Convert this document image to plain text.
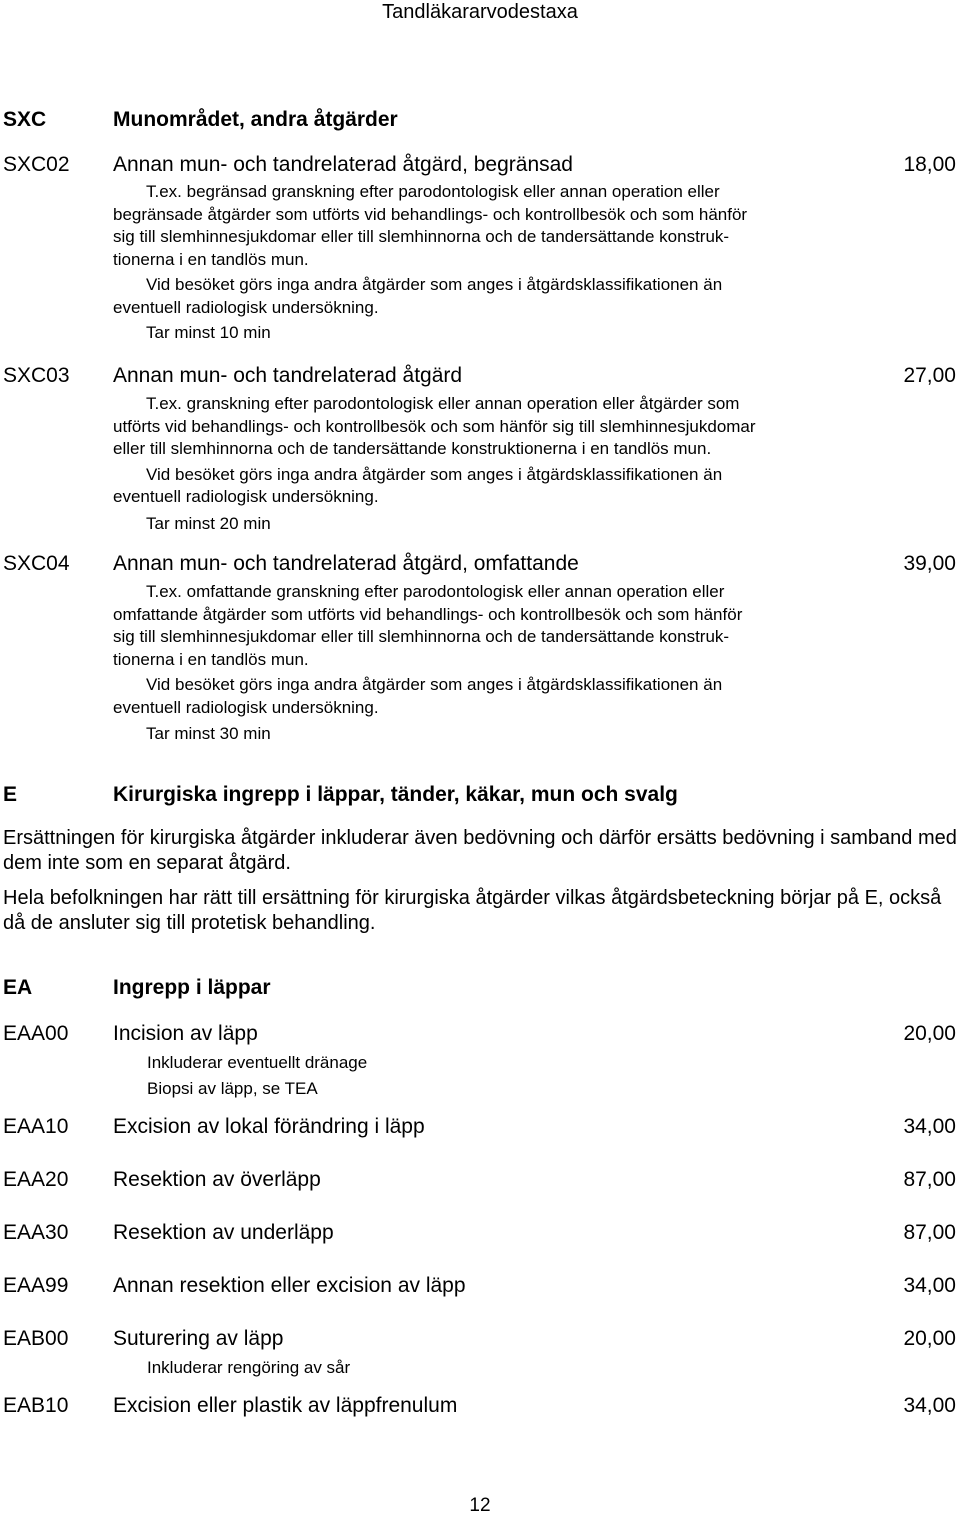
Tandläkararvodestaxa
SXC	Munområdet, andra åtgärder
SXC02 Annan mun- och tandrelaterad åtgärd, begränsad	18,00

T.ex. begränsad granskning efter parodontologisk eller annan operation eller

begränsade åtgärder som utförts vid behandlings- och kontrollbesök och som hänför

sig till slemhinnesjukdomar eller till slemhinnorna och de tandersättande konstruk-

tionerna i en tandlös mun.

Vid besöket görs inga andra åtgärder som anges i åtgärdsklassifikationen än

eventuell radiologisk undersökning.

Tar minst 10 min

SXC03 Annan mun- och tandrelaterad åtgärd	27,00

T.ex. granskning efter parodontologisk eller annan operation eller åtgärder som

utförts vid behandlings- och kontrollbesök och som hänför sig till slemhinnesjukdomar

eller till slemhinnorna och de tandersättande konstruktionerna i en tandlös mun.

Vid besöket görs inga andra åtgärder som anges i åtgärdsklassifikationen än

eventuell radiologisk undersökning.

Tar minst 20 min

SXC04 Annan mun- och tandrelaterad åtgärd, omfattande	39,00

T.ex. omfattande granskning efter parodontologisk eller annan operation eller

omfattande åtgärder som utförts vid behandlings- och kontrollbesök och som hänför

sig till slemhinnesjukdomar eller till slemhinnorna och de tandersättande konstruk-

tionerna i en tandlös mun.

Vid besöket görs inga andra åtgärder som anges i åtgärdsklassifikationen än

eventuell radiologisk undersökning.

Tar minst 30 min

E	Kirurgiska ingrepp i läppar, tänder, käkar, mun och svalg
Ersättningen för kirurgiska åtgärder inkluderar även bedövning och därför ersätts bedövning i samband med dem inte som en separat åtgärd.
Hela befolkningen har rätt till ersättning för kirurgiska åtgärder vilkas åtgärdsbeteckning börjar på E, också då de ansluter sig till protetisk behandling.
EA	Ingrepp i läppar
EAA00 Incision av läpp	20,00
Inkluderar eventuellt dränage
Biopsi av läpp, se TEA
EAA10 Excision av lokal förändring i läpp	34,00
EAA20 Resektion av överläpp	87,00
EAA30 Resektion av underläpp	87,00
EAA99 Annan resektion eller excision av läpp	34,00
EAB00 Suturering av läpp	20,00
Inkluderar rengöring av sår
EAB10 Excision eller plastik av läppfrenulum	34,00
12
